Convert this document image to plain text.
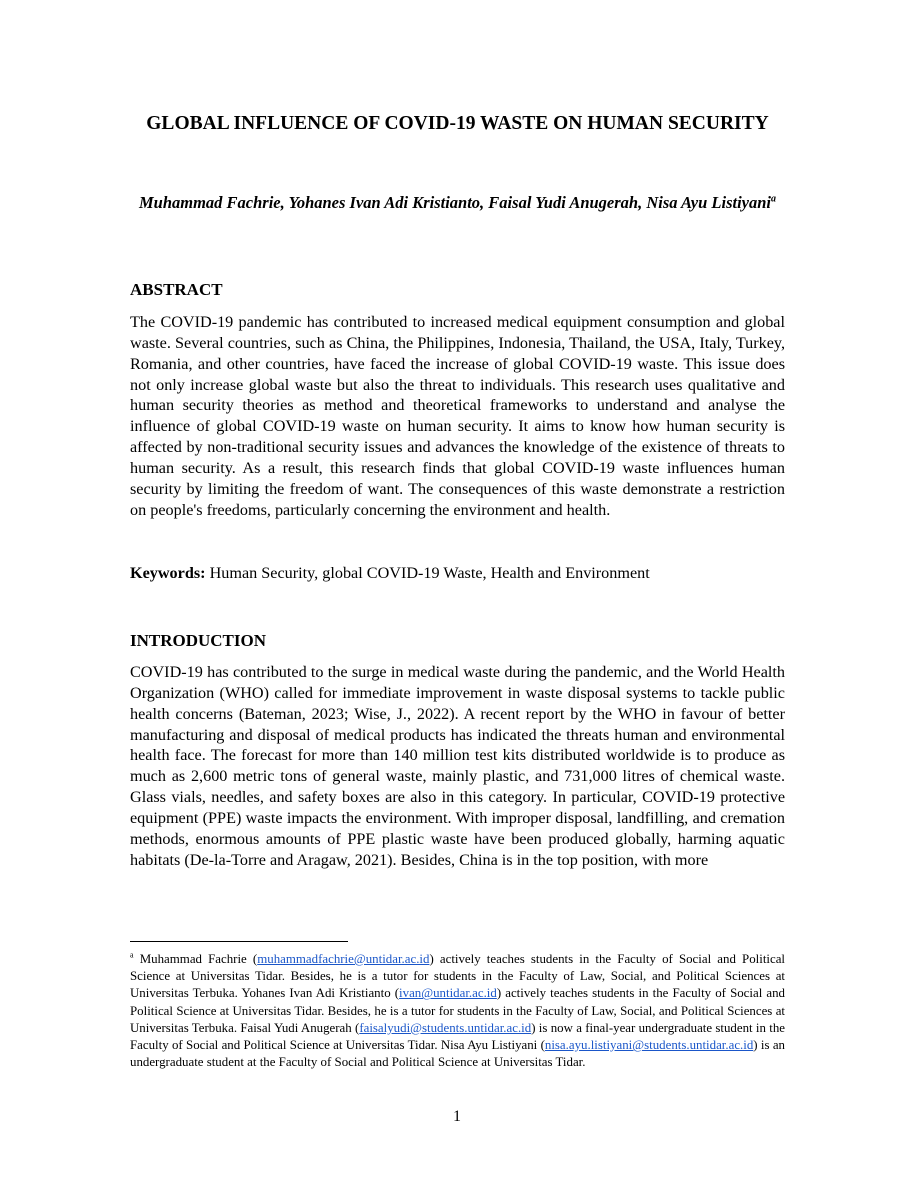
GLOBAL INFLUENCE OF COVID-19 WASTE ON HUMAN SECURITY

Muhammad Fachrie, Yohanes Ivan Adi Kristianto, Faisal Yudi Anugerah, Nisa Ayu Listiyani$^a$

ABSTRACT

The COVID-19 pandemic has contributed to increased medical equipment consumption and global waste. Several countries, such as China, the Philippines, Indonesia, Thailand, the USA, Italy, Turkey, Romania, and other countries, have faced the increase of global COVID-19 waste. This issue does not only increase global waste but also the threat to individuals. This research uses qualitative and human security theories as method and theoretical frameworks to understand and analyse the influence of global COVID-19 waste on human security. It aims to know how human security is affected by non-traditional security issues and advances the knowledge of the existence of threats to human security. As a result, this research finds that global COVID-19 waste influences human security by limiting the freedom of want. The consequences of this waste demonstrate a restriction on people's freedoms, particularly concerning the environment and health.

Keywords: Human Security, global COVID-19 Waste, Health and Environment

INTRODUCTION

COVID-19 has contributed to the surge in medical waste during the pandemic, and the World Health Organization (WHO) called for immediate improvement in waste disposal systems to tackle public health concerns (Bateman, 2023; Wise, J., 2022). A recent report by the WHO in favour of better manufacturing and disposal of medical products has indicated the threats human and environmental health face. The forecast for more than 140 million test kits distributed worldwide is to produce as much as 2,600 metric tons of general waste, mainly plastic, and 731,000 litres of chemical waste. Glass vials, needles, and safety boxes are also in this category. In particular, COVID-19 protective equipment (PPE) waste impacts the environment. With improper disposal, landfilling, and cremation methods, enormous amounts of PPE plastic waste have been produced globally, harming aquatic habitats (De-la-Torre and Aragaw, 2021). Besides, China is in the top position, with more

$^a$ Muhammad Fachrie (muhammadfachrie@untidar.ac.id) actively teaches students in the Faculty of Social and Political Science at Universitas Tidar. Besides, he is a tutor for students in the Faculty of Law, Social, and Political Sciences at Universitas Terbuka. Yohanes Ivan Adi Kristianto (ivan@untidar.ac.id) actively teaches students in the Faculty of Social and Political Science at Universitas Tidar. Besides, he is a tutor for students in the Faculty of Law, Social, and Political Sciences at Universitas Terbuka. Faisal Yudi Anugerah (faisalyudi@students.untidar.ac.id) is now a final-year undergraduate student in the Faculty of Social and Political Science at Universitas Tidar. Nisa Ayu Listiyani (nisa.ayu.listiyani@students.untidar.ac.id) is an undergraduate student at the Faculty of Social and Political Science at Universitas Tidar.

1
